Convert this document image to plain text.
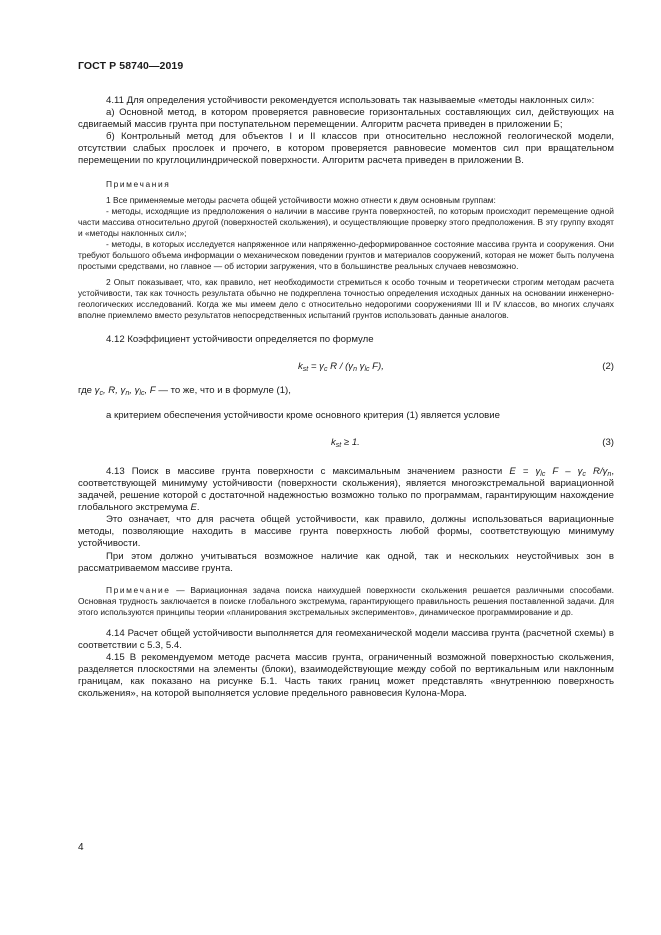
ГОСТ Р 58740—2019

4.11 Для определения устойчивости рекомендуется использовать так называемые «методы наклонных сил»:

а) Основной метод, в котором проверяется равновесие горизонтальных составляющих сил, действующих на сдвигаемый массив грунта при поступательном перемещении. Алгоритм расчета приведен в приложении Б;

б) Контрольный метод для объектов I и II классов при относительно несложной геологической модели, отсутствии слабых прослоек и прочего, в котором проверяется равновесие моментов сил при вращательном перемещении по круглоцилиндрической поверхности. Алгоритм расчета приведен в приложении В.

Примечания

1 Все применяемые методы расчета общей устойчивости можно отнести к двум основным группам:

- методы, исходящие из предположения о наличии в массиве грунта поверхностей, по которым происходит перемещение одной части массива относительно другой (поверхностей скольжения), и осуществляющие проверку этого предположения. В эту группу входят и «методы наклонных сил»;

- методы, в которых исследуется напряженное или напряженно-деформированное состояние массива грунта и сооружения. Они требуют большого объема информации о механическом поведении грунтов и материалов сооружений, которая не может быть получена простыми средствами, но главное — об истории загружения, что в большинстве реальных случаев невозможно.

2 Опыт показывает, что, как правило, нет необходимости стремиться к особо точным и теоретически строгим методам расчета устойчивости, так как точность результата обычно не подкреплена точностью определения исходных данных на основании инженерно-геологических исследований. Когда же мы имеем дело с относительно недорогими сооружениями III и IV классов, во многих случаях вполне приемлемо вместо результатов непосредственных испытаний грунтов использовать данные аналогов.

4.12 Коэффициент устойчивости определяется по формуле

$k_{st} = \gamma_c$ R / ($\gamma_n$ $\gamma_{lc}$ F),	(2)

где $\gamma_c$, R, $\gamma_n$, $\gamma_{lc}$, F — то же, что и в формуле (1),

а критерием обеспечения устойчивости кроме основного критерия (1) является условие

$k_{st} \ge 1$.	(3)

4.13 Поиск в массиве грунта поверхности с максимальным значением разности $E = \gamma_{lc}$ F – $\gamma_c$ $R/\gamma_n$, соответствующей минимуму устойчивости (поверхности скольжения), является многоэкстремальной вариационной задачей, решение которой с достаточной надежностью возможно только по программам, гарантирующим нахождение глобального экстремума E.

Это означает, что для расчета общей устойчивости, как правило, должны использоваться вариационные методы, позволяющие находить в массиве грунта поверхность любой формы, соответствующую минимуму устойчивости.

При этом должно учитываться возможное наличие как одной, так и нескольких неустойчивых зон в рассматриваемом массиве грунта.

Примечание — Вариационная задача поиска наихудшей поверхности скольжения решается различными способами. Основная трудность заключается в поиске глобального экстремума, гарантирующего правильность решения поставленной задачи. Для этого используются принципы теории «планирования экстремальных экспериментов», динамическое программирование и др.

4.14 Расчет общей устойчивости выполняется для геомеханической модели массива грунта (расчетной схемы) в соответствии с 5.3, 5.4.

4.15 В рекомендуемом методе расчета массив грунта, ограниченный возможной поверхностью скольжения, разделяется плоскостями на элементы (блоки), взаимодействующие между собой по вертикальным или наклонным границам, как показано на рисунке Б.1. Часть таких границ может представлять «внутреннюю поверхность скольжения», на которой выполняется условие предельного равновесия Кулона-Мора.

4
